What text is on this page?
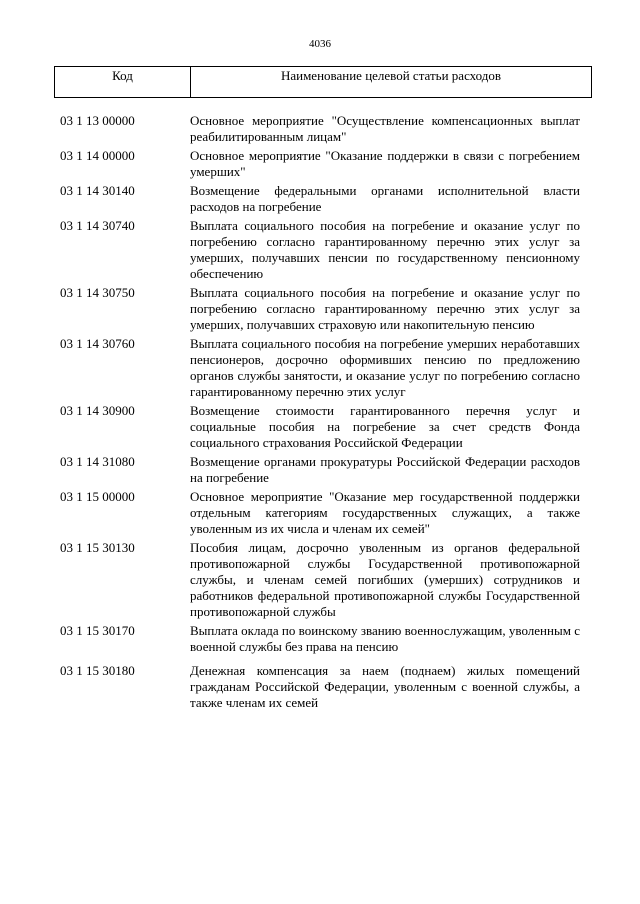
4036
Код	Наименование целевой статьи расходов
03 1 13 00000	Основное мероприятие "Осуществление компенсационных выплат реабилитированным лицам"
03 1 14 00000	Основное мероприятие "Оказание поддержки в связи с погребением умерших"
03 1 14 30140	Возмещение федеральными органами исполнительной власти расходов на погребение
03 1 14 30740	Выплата социального пособия на погребение и оказание услуг по погребению согласно гарантированному перечню этих услуг за умерших, получавших пенсии по государственному пенсионному обеспечению
03 1 14 30750	Выплата социального пособия на погребение и оказание услуг по погребению согласно гарантированному перечню этих услуг за умерших, получавших страховую или накопительную пенсию
03 1 14 30760	Выплата социального пособия на погребение умерших неработавших пенсионеров, досрочно оформивших пенсию по предложению органов службы занятости, и оказание услуг по погребению согласно гарантированному перечню этих услуг
03 1 14 30900	Возмещение стоимости гарантированного перечня услуг и социальные пособия на погребение за счет средств Фонда социального страхования Российской Федерации
03 1 14 31080	Возмещение органами прокуратуры Российской Федерации расходов на погребение
03 1 15 00000	Основное мероприятие "Оказание мер государственной поддержки отдельным категориям государственных служащих, а также уволенным из их числа и членам их семей"
03 1 15 30130	Пособия лицам, досрочно уволенным из органов федеральной противопожарной службы Государственной противопожарной службы, и членам семей погибших (умерших) сотрудников и работников федеральной противопожарной службы Государственной противопожарной службы
03 1 15 30170	Выплата оклада по воинскому званию военнослужащим, уволенным с военной службы без права на пенсию
03 1 15 30180	Денежная компенсация за наем (поднаем) жилых помещений гражданам Российской Федерации, уволенным с военной службы, а также членам их семей
